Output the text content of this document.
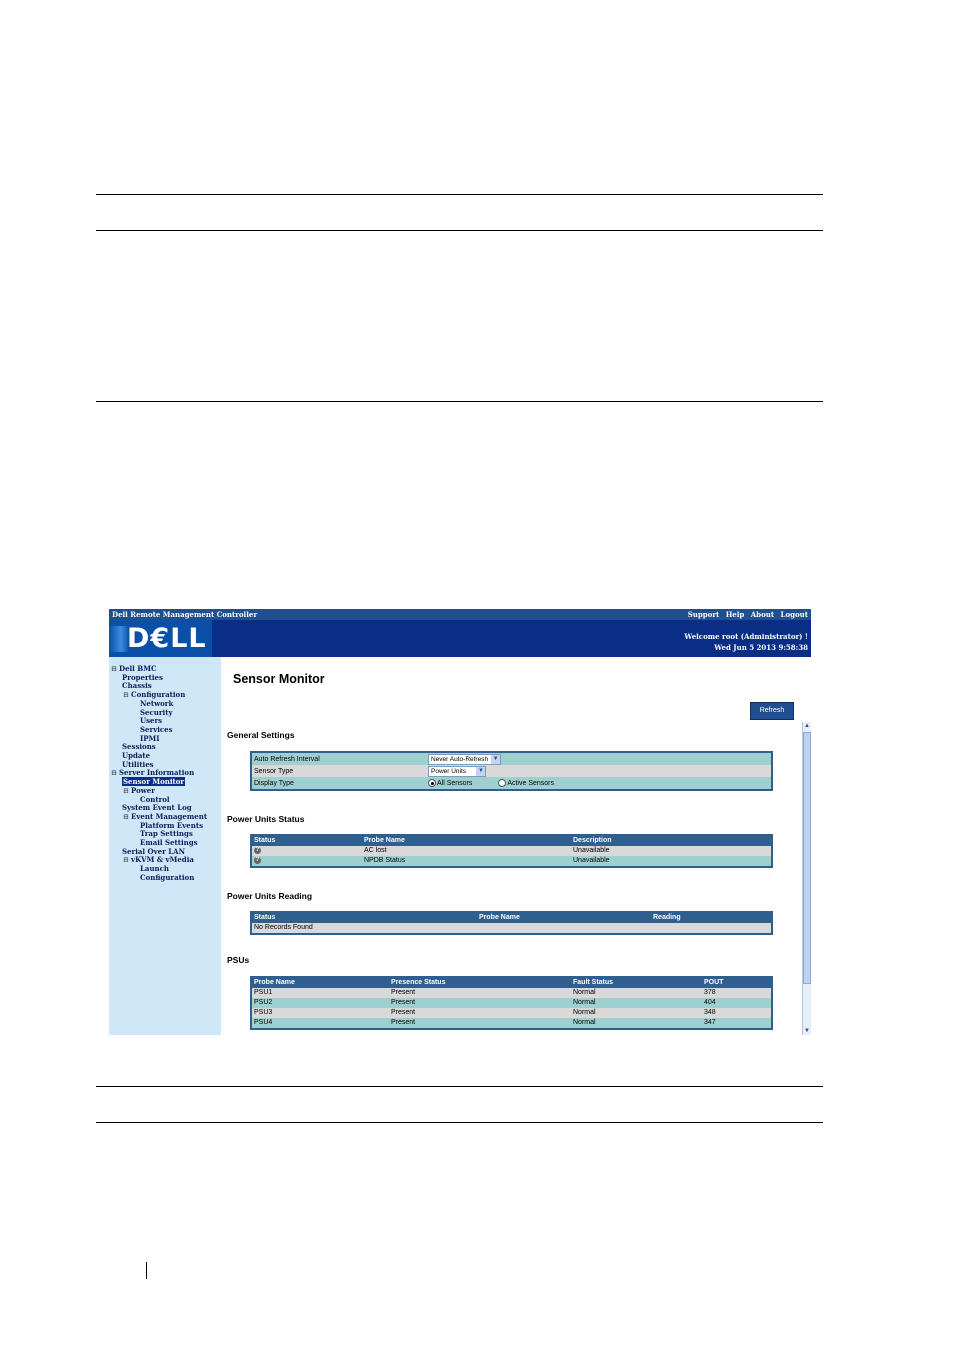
Dell Remote Management Controller	Support Help About Logout
D€LL	Welcome root (Administrator) !
Wed Jun 5 2013 9:58:38
⊟ Dell BMC
Properties
Chassis
⊟ Configuration
Network
Security
Users
Services
IPMI
Sessions
Update
Utilities
⊟ Server Information
Sensor Monitor
⊟ Power
Control
System Event Log
⊟ Event Management
Platform Events
Trap Settings
Email Settings
Serial Over LAN
⊟ vKVM & vMedia
Launch
Configuration
Sensor Monitor
Refresh
General Settings
Auto Refresh Interval	Never Auto-Refresh ▼

Sensor Type	Power Units ▼

Display Type	All Sensors Active Sensors
Power Units Status
Status	Probe Name	Description
?	AC lost	Unavailable
?	NPDB Status	Unavailable
Power Units Reading
Status	Probe Name	Reading
No Records Found
PSUs
Probe Name	Presence Status	Fault Status	POUT
PSU1	Present	Normal	378
PSU2	Present	Normal	404
PSU3	Present	Normal	348
PSU4	Present	Normal	347
▲
▼
